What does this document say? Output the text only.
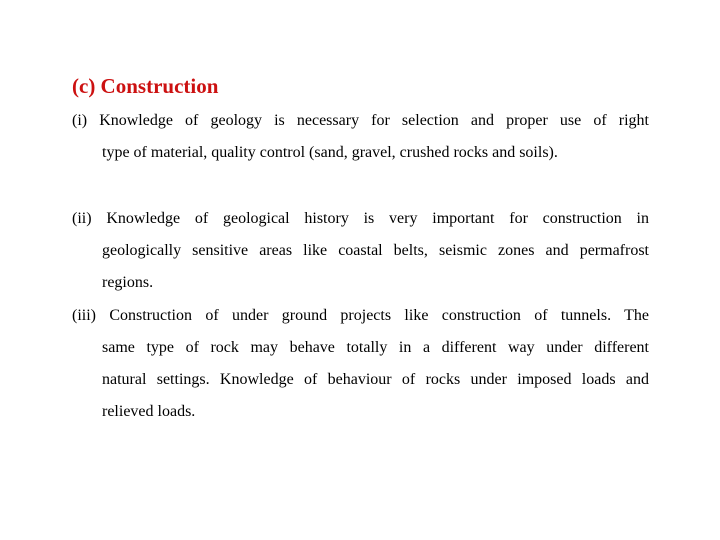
(c) Construction
(i) Knowledge of geology is necessary for selection and proper use of right
type of material, quality control (sand, gravel, crushed rocks and soils).
(ii) Knowledge of geological history is very important for construction in
geologically sensitive areas like coastal belts, seismic zones and permafrost
regions.
(iii) Construction of under ground projects like construction of tunnels. The
same type of rock may behave totally in a different way under different
natural settings. Knowledge of behaviour of rocks under imposed loads and
relieved loads.
